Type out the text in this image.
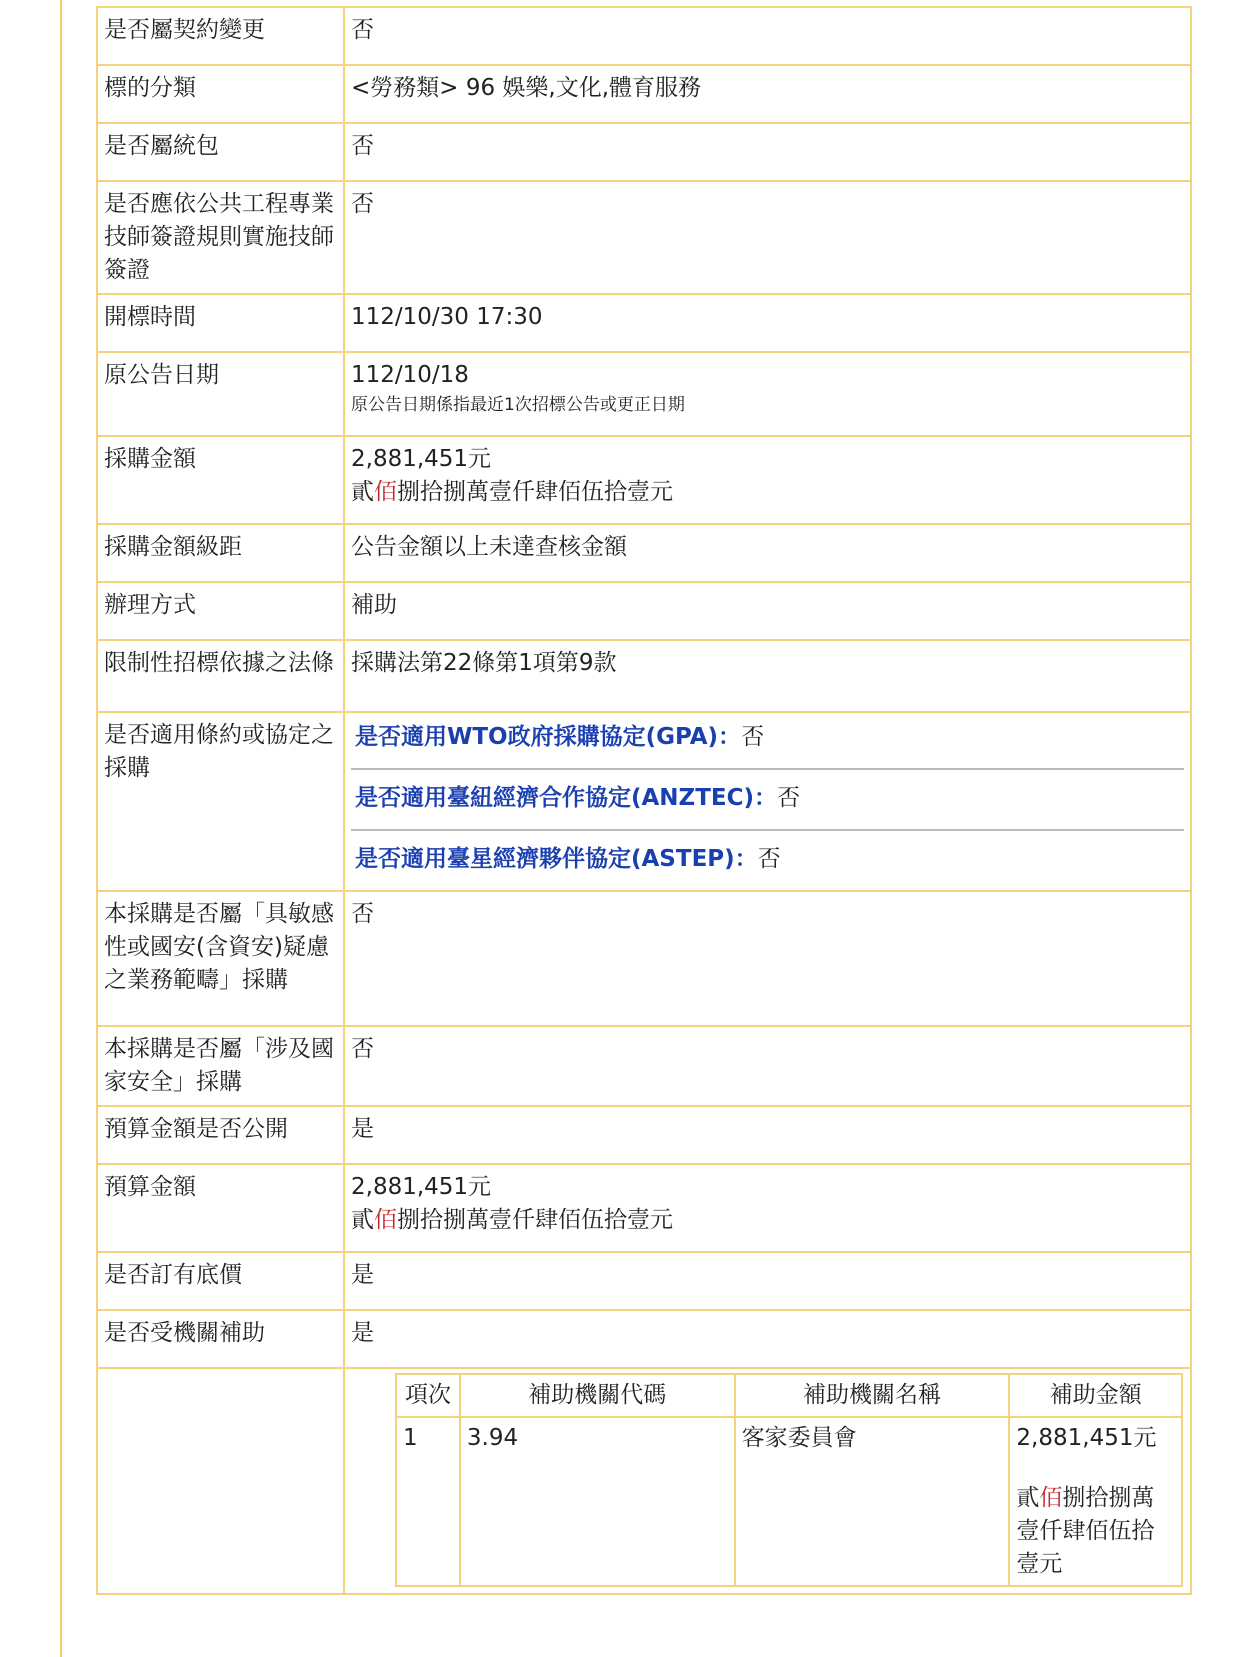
是否屬契約變更	否
標的分類	<勞務類> 96 娛樂,文化,體育服務
是否屬統包	否
是否應依公共工程專業技師簽證規則實施技師簽證	否
開標時間	112/10/30 17:30
原公告日期	112/10/18
原公告日期係指最近1次招標公告或更正日期

採購金額	2,881,451元
貳佰捌拾捌萬壹仟肆佰伍拾壹元

採購金額級距	公告金額以上未達查核金額
辦理方式	補助
限制性招標依據之法條	採購法第22條第1項第9款
是否適用條約或協定之採購	
是否適用WTO政府採購協定(GPA)：否
是否適用臺紐經濟合作協定(ANZTEC)：否
是否適用臺星經濟夥伴協定(ASTEP)：否

本採購是否屬「具敏感性或國安(含資安)疑慮之業務範疇」採購	否
本採購是否屬「涉及國家安全」採購	否
預算金額是否公開	是
預算金額	2,881,451元
貳佰捌拾捌萬壹仟肆佰伍拾壹元

是否訂有底價	是
是否受機關補助	是

項次	補助機關代碼	補助機關名稱	補助金額
1	3.94	客家委員會	2,881,451元
貳佰捌拾捌萬壹仟肆佰伍拾壹元
